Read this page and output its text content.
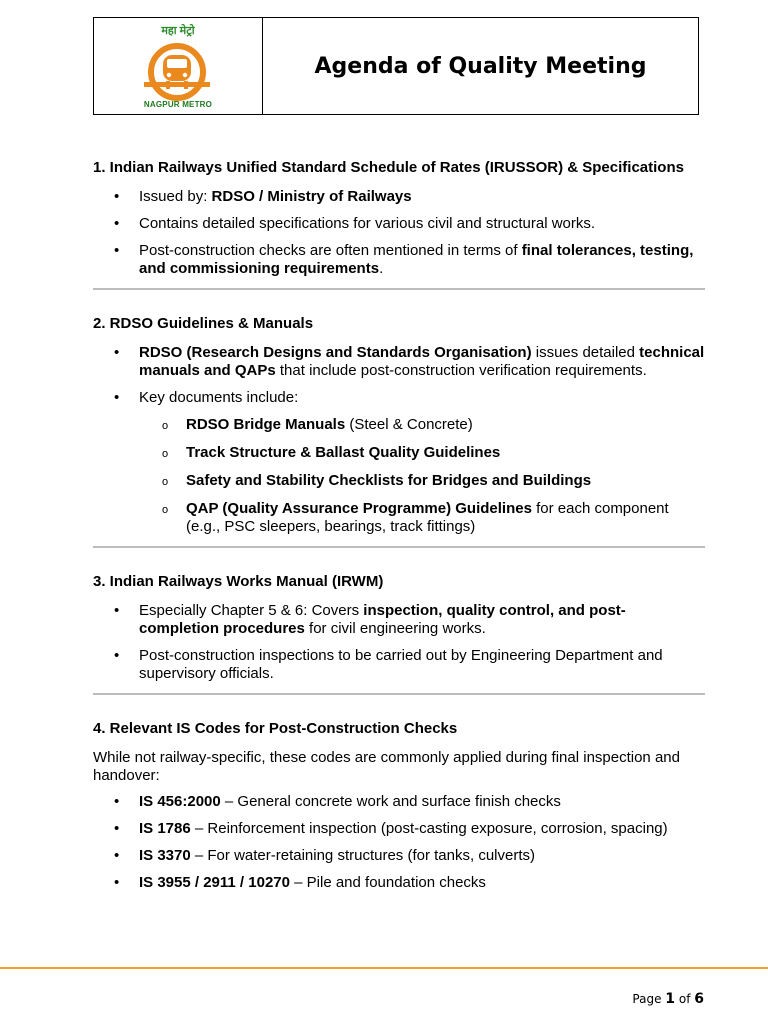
महा मेट्रो
NAGPUR METRO
Agenda of Quality Meeting
1. Indian Railways Unified Standard Schedule of Rates (IRUSSOR) & Specifications
• Issued by: RDSO / Ministry of Railways
• Contains detailed specifications for various civil and structural works.
• Post-construction checks are often mentioned in terms of final tolerances, testing, and commissioning requirements.
2. RDSO Guidelines & Manuals
• RDSO (Research Designs and Standards Organisation) issues detailed technical manuals and QAPs that include post-construction verification requirements.
• Key documents include:
o RDSO Bridge Manuals (Steel & Concrete)
o Track Structure & Ballast Quality Guidelines
o Safety and Stability Checklists for Bridges and Buildings
o QAP (Quality Assurance Programme) Guidelines for each component (e.g., PSC sleepers, bearings, track fittings)
3. Indian Railways Works Manual (IRWM)
• Especially Chapter 5 & 6: Covers inspection, quality control, and post-completion procedures for civil engineering works.
• Post-construction inspections to be carried out by Engineering Department and supervisory officials.
4. Relevant IS Codes for Post-Construction Checks

While not railway-specific, these codes are commonly applied during final inspection and handover:

• IS 456:2000 – General concrete work and surface finish checks
• IS 1786 – Reinforcement inspection (post-casting exposure, corrosion, spacing)
• IS 3370 – For water-retaining structures (for tanks, culverts)
• IS 3955 / 2911 / 10270 – Pile and foundation checks
Page 1 of 6
